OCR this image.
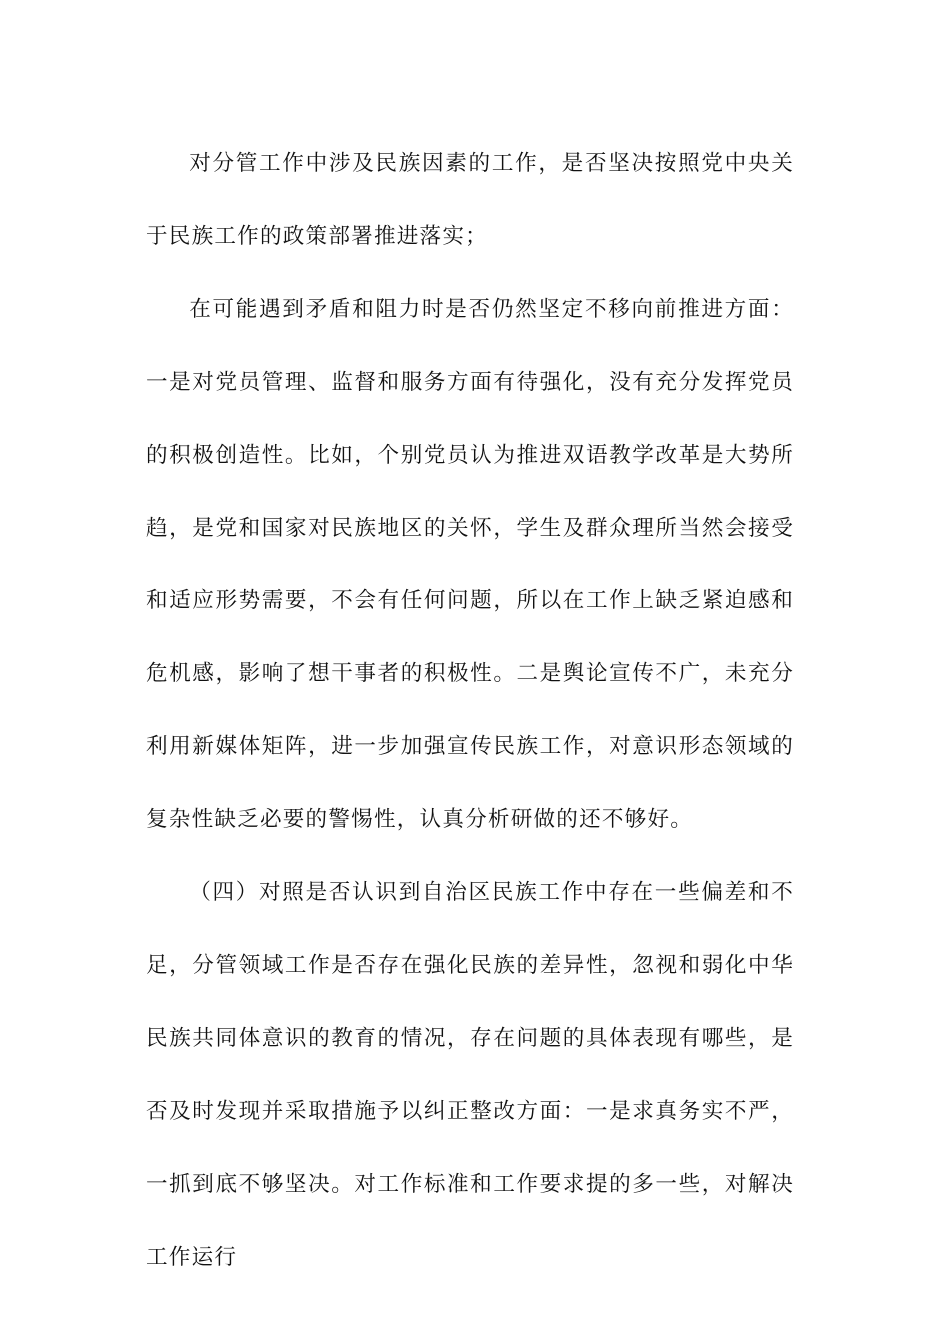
对分管工作中涉及民族因素的工作，是否坚决按照党中央关于民族工作的政策部署推进落实；

在可能遇到矛盾和阻力时是否仍然坚定不移向前推进方面：一是对党员管理、监督和服务方面有待强化，没有充分发挥党员的积极创造性。比如，个别党员认为推进双语教学改革是大势所趋，是党和国家对民族地区的关怀，学生及群众理所当然会接受和适应形势需要，不会有任何问题，所以在工作上缺乏紧迫感和危机感，影响了想干事者的积极性。二是舆论宣传不广，未充分利用新媒体矩阵，进一步加强宣传民族工作，对意识形态领域的复杂性缺乏必要的警惕性，认真分析研做的还不够好。

（四）对照是否认识到自治区民族工作中存在一些偏差和不足，分管领域工作是否存在强化民族的差异性，忽视和弱化中华民族共同体意识的教育的情况，存在问题的具体表现有哪些，是否及时发现并采取措施予以纠正整改方面：一是求真务实不严，一抓到底不够坚决。对工作标准和工作要求提的多一些，对解决工作运行
